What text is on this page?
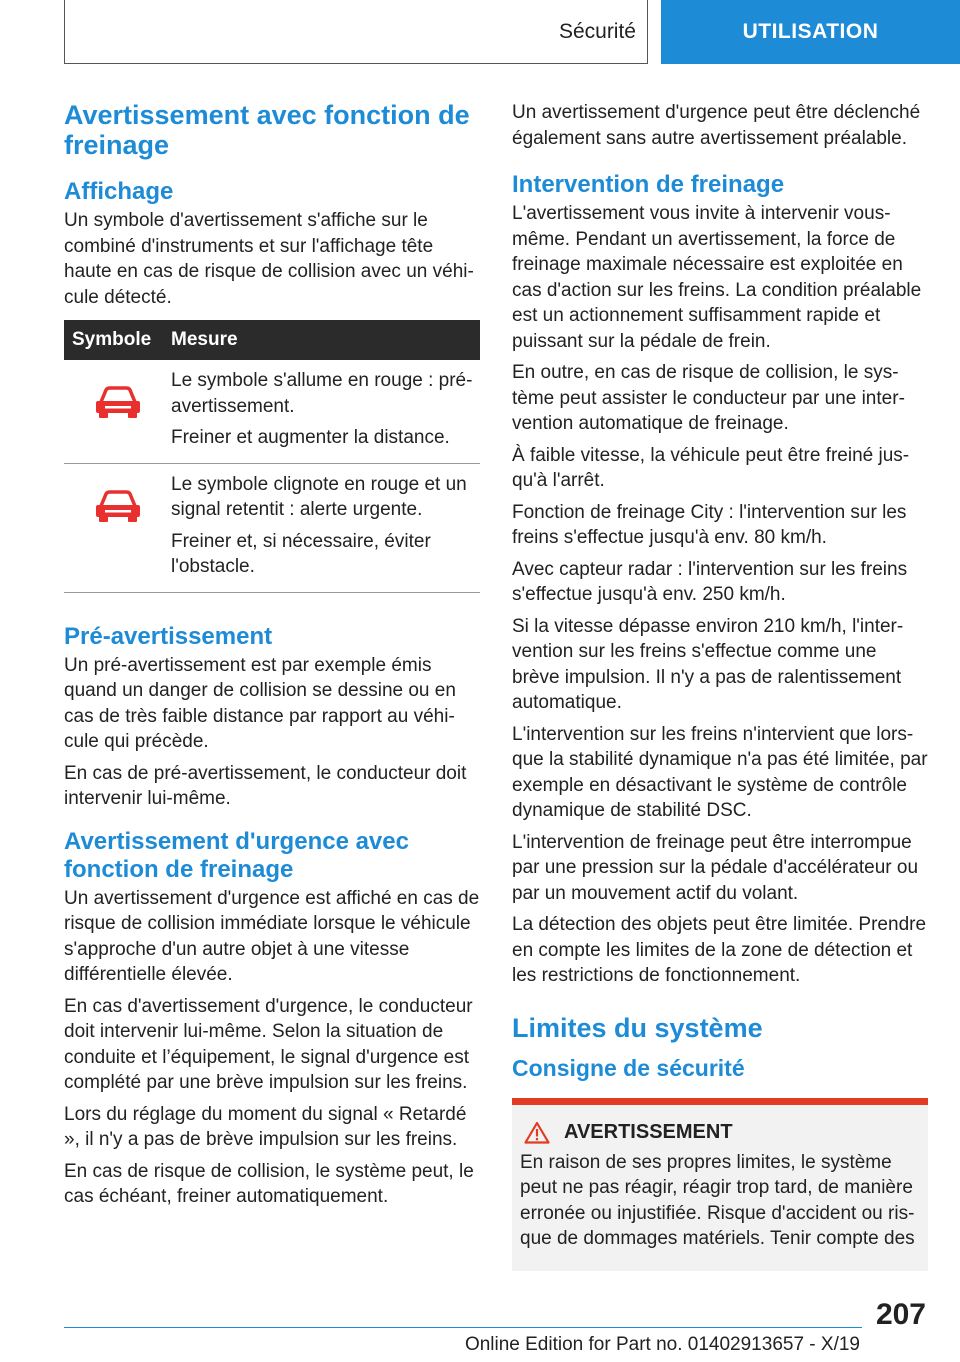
Sécurité	UTILISATION
Avertissement avec fonction de freinage
Affichage

Un symbole d'avertissement s'affiche sur le combiné d'instruments et sur l'affichage tête haute en cas de risque de collision avec un véhicule détecté.

Symbole	Mesure

Le symbole s'allume en rouge : pré-avertissement.

Freiner et augmenter la distance.

Le symbole clignote en rouge et un signal retentit : alerte urgente.

Freiner et, si nécessaire, éviter l'obstacle.

Pré-avertissement

Un pré-avertissement est par exemple émis quand un danger de collision se dessine ou en cas de très faible distance par rapport au véhicule qui précède.

En cas de pré-avertissement, le conducteur doit intervenir lui-même.

Avertissement d'urgence avec fonction de freinage

Un avertissement d'urgence est affiché en cas de risque de collision immédiate lorsque le véhicule s'approche d'un autre objet à une vitesse différentielle élevée.

En cas d'avertissement d'urgence, le conducteur doit intervenir lui-même. Selon la situation de conduite et l’équipement, le signal d'urgence est complété par une brève impulsion sur les freins.

Lors du réglage du moment du signal « Retardé », il n'y a pas de brève impulsion sur les freins.

En cas de risque de collision, le système peut, le cas échéant, freiner automatiquement.

Un avertissement d'urgence peut être déclenché également sans autre avertissement préalable.

Intervention de freinage

L'avertissement vous invite à intervenir vous-même. Pendant un avertissement, la force de freinage maximale nécessaire est exploitée en cas d'action sur les freins. La condition préalable est un actionnement suffisamment rapide et puissant sur la pédale de frein.

En outre, en cas de risque de collision, le système peut assister le conducteur par une intervention automatique de freinage.

À faible vitesse, la véhicule peut être freiné jusqu'à l'arrêt.

Fonction de freinage City : l'intervention sur les freins s'effectue jusqu'à env. 80 km/h.

Avec capteur radar : l'intervention sur les freins s'effectue jusqu'à env. 250 km/h.

Si la vitesse dépasse environ 210 km/h, l'intervention sur les freins s'effectue comme une brève impulsion. Il n'y a pas de ralentissement automatique.

L'intervention sur les freins n'intervient que lorsque la stabilité dynamique n'a pas été limitée, par exemple en désactivant le système de contrôle dynamique de stabilité DSC.

L'intervention de freinage peut être interrompue par une pression sur la pédale d'accélérateur ou par un mouvement actif du volant.

La détection des objets peut être limitée. Prendre en compte les limites de la zone de détection et les restrictions de fonctionnement.

Limites du système
Consigne de sécurité
AVERTISSEMENT

En raison de ses propres limites, le système peut ne pas réagir, réagir trop tard, de manière erronée ou injustifiée. Risque d'accident ou risque de dommages matériels. Tenir compte des

207
Online Edition for Part no. 01402913657 - X/19
